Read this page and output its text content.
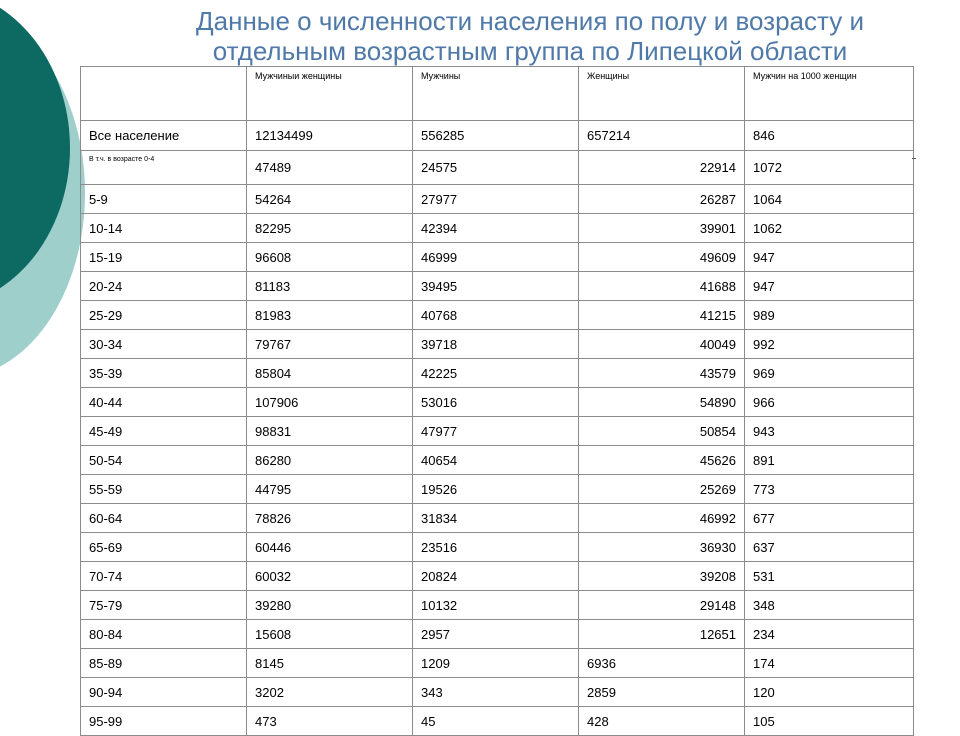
Данные о численности населения по полу и возрасту и
отдельным возрастным группа по Липецкой области
	Мужчиныи женщины	Мужчины	Женщины	Мужчин на 1000 женщин
Все население	12134499	556285	657214	846
В т.ч. в возрасте 0-4	47489	24575	22914	1072
5-9	54264	27977	26287	1064
10-14	82295	42394	39901	1062
15-19	96608	46999	49609	947
20-24	81183	39495	41688	947
25-29	81983	40768	41215	989
30-34	79767	39718	40049	992
35-39	85804	42225	43579	969
40-44	107906	53016	54890	966
45-49	98831	47977	50854	943
50-54	86280	40654	45626	891
55-59	44795	19526	25269	773
60-64	78826	31834	46992	677
65-69	60446	23516	36930	637
70-74	60032	20824	39208	531
75-79	39280	10132	29148	348
80-84	15608	2957	12651	234
85-89	8145	1209	6936	174
90-94	3202	343	2859	120
95-99	473	45	428	105
